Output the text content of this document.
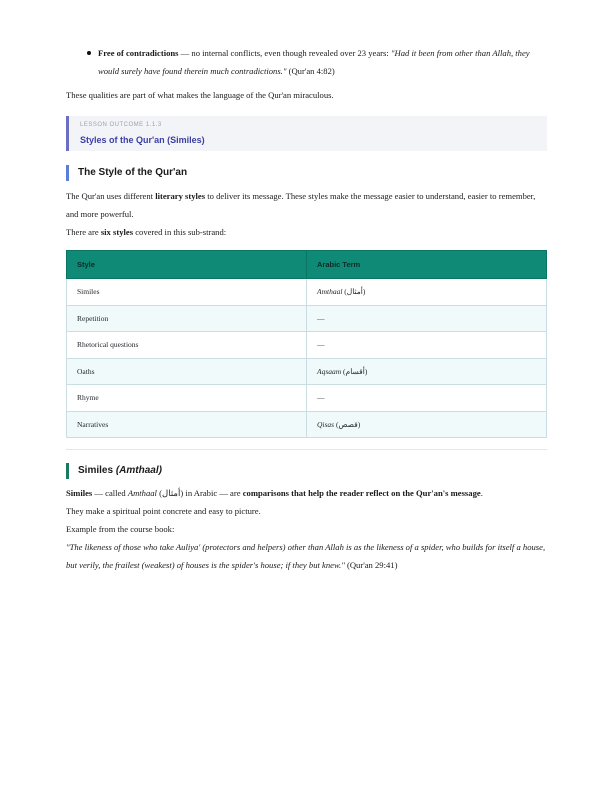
Free of contradictions — no internal conflicts, even though revealed over 23 years: "Had it been from other than Allah, they would surely have found therein much contradictions." (Qur'an 4:82)

These qualities are part of what makes the language of the Qur'an miraculous.

LESSON OUTCOME 1.1.3
Styles of the Qur'an (Similes)
The Style of the Qur'an

The Qur'an uses different literary styles to deliver its message. These styles make the message easier to understand, easier to remember, and more powerful.

There are six styles covered in this sub-strand:

Style	Arabic Term
Similes	Amthaal (أمثال)
Repetition	—
Rhetorical questions	—
Oaths	Aqsaam (أقسام)
Rhyme	—
Narratives	Qisas (قصص)
Similes (Amthaal)

Similes — called Amthaal (أمثال) in Arabic — are comparisons that help the reader reflect on the Qur'an's message.

They make a spiritual point concrete and easy to picture.

Example from the course book:

"The likeness of those who take Auliya' (protectors and helpers) other than Allah is as the likeness of a spider, who builds for itself a house, but verily, the frailest (weakest) of houses is the spider's house; if they but knew." (Qur'an 29:41)
